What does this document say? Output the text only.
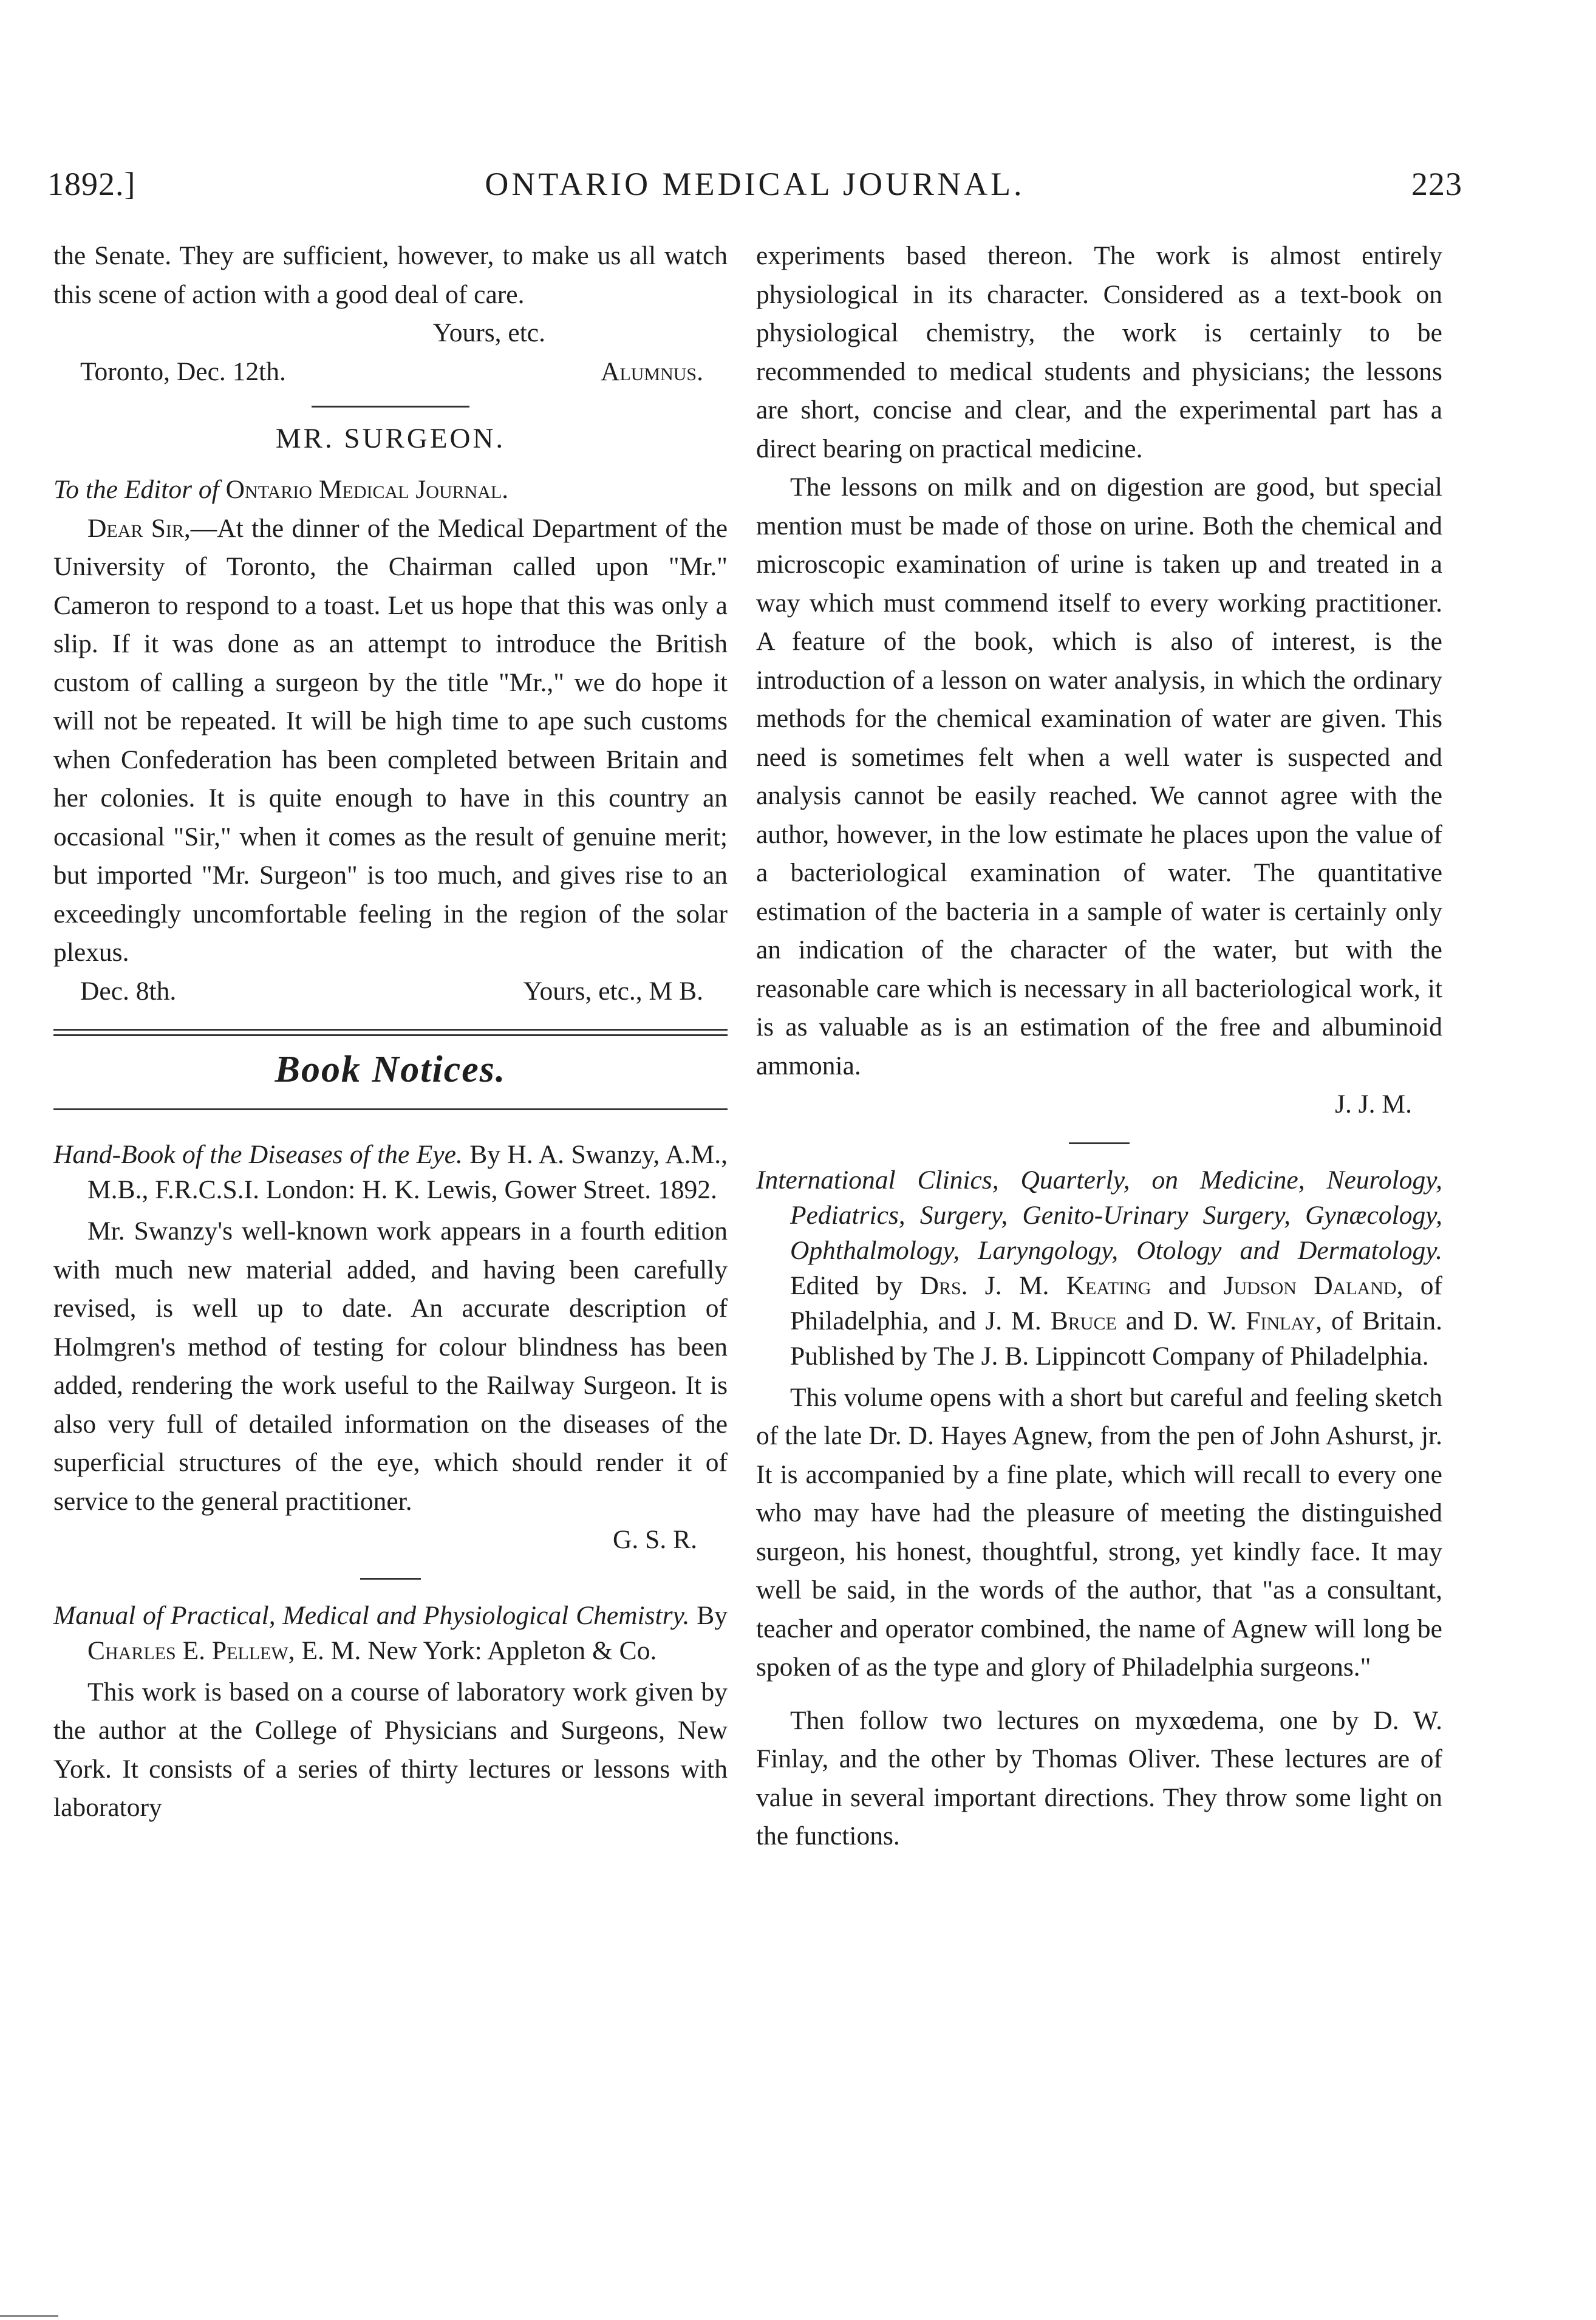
1892.]	ONTARIO MEDICAL JOURNAL.	223

the Senate. They are sufficient, however, to make us all watch this scene of action with a good deal of care.

Yours, etc.
Toronto, Dec. 12th.	Alumnus.
MR. SURGEON.

To the Editor of Ontario Medical Journal.

Dear Sir,—At the dinner of the Medical Department of the University of Toronto, the Chairman called upon "Mr." Cameron to respond to a toast. Let us hope that this was only a slip. If it was done as an attempt to introduce the British custom of calling a surgeon by the title "Mr.," we do hope it will not be repeated. It will be high time to ape such customs when Confederation has been completed between Britain and her colonies. It is quite enough to have in this country an occasional "Sir," when it comes as the result of genuine merit; but imported "Mr. Surgeon" is too much, and gives rise to an exceedingly uncomfortable feeling in the region of the solar plexus.

Dec. 8th.	Yours, etc., M B.
Book Notices.
Hand-Book of the Diseases of the Eye. By H. A. Swanzy, A.M., M.B., F.R.C.S.I. London: H. K. Lewis, Gower Street. 1892.

Mr. Swanzy's well-known work appears in a fourth edition with much new material added, and having been carefully revised, is well up to date. An accurate description of Holmgren's method of testing for colour blindness has been added, rendering the work useful to the Railway Surgeon. It is also very full of detailed information on the diseases of the superficial structures of the eye, which should render it of service to the general practitioner.

G. S. R.
Manual of Practical, Medical and Physiological Chemistry. By Charles E. Pellew, E. M. New York: Appleton & Co.

This work is based on a course of laboratory work given by the author at the College of Physicians and Surgeons, New York. It consists of a series of thirty lectures or lessons with laboratory

experiments based thereon. The work is almost entirely physiological in its character. Considered as a text-book on physiological chemistry, the work is certainly to be recommended to medical students and physicians; the lessons are short, concise and clear, and the experimental part has a direct bearing on practical medicine.

The lessons on milk and on digestion are good, but special mention must be made of those on urine. Both the chemical and microscopic examination of urine is taken up and treated in a way which must commend itself to every working practitioner. A feature of the book, which is also of interest, is the introduction of a lesson on water analysis, in which the ordinary methods for the chemical examination of water are given. This need is sometimes felt when a well water is suspected and analysis cannot be easily reached. We cannot agree with the author, however, in the low estimate he places upon the value of a bacteriological examination of water. The quantitative estimation of the bacteria in a sample of water is certainly only an indication of the character of the water, but with the reasonable care which is necessary in all bacteriological work, it is as valuable as is an estimation of the free and albuminoid ammonia.

J. J. M.
International Clinics, Quarterly, on Medicine, Neurology, Pediatrics, Surgery, Genito-Urinary Surgery, Gynæcology, Ophthalmology, Laryngology, Otology and Dermatology. Edited by Drs. J. M. Keating and Judson Daland, of Philadelphia, and J. M. Bruce and D. W. Finlay, of Britain. Published by The J. B. Lippincott Company of Philadelphia.

This volume opens with a short but careful and feeling sketch of the late Dr. D. Hayes Agnew, from the pen of John Ashurst, jr. It is accompanied by a fine plate, which will recall to every one who may have had the pleasure of meeting the distinguished surgeon, his honest, thoughtful, strong, yet kindly face. It may well be said, in the words of the author, that "as a consultant, teacher and operator combined, the name of Agnew will long be spoken of as the type and glory of Philadelphia surgeons."

Then follow two lectures on myxœdema, one by D. W. Finlay, and the other by Thomas Oliver. These lectures are of value in several important directions. They throw some light on the functions.
